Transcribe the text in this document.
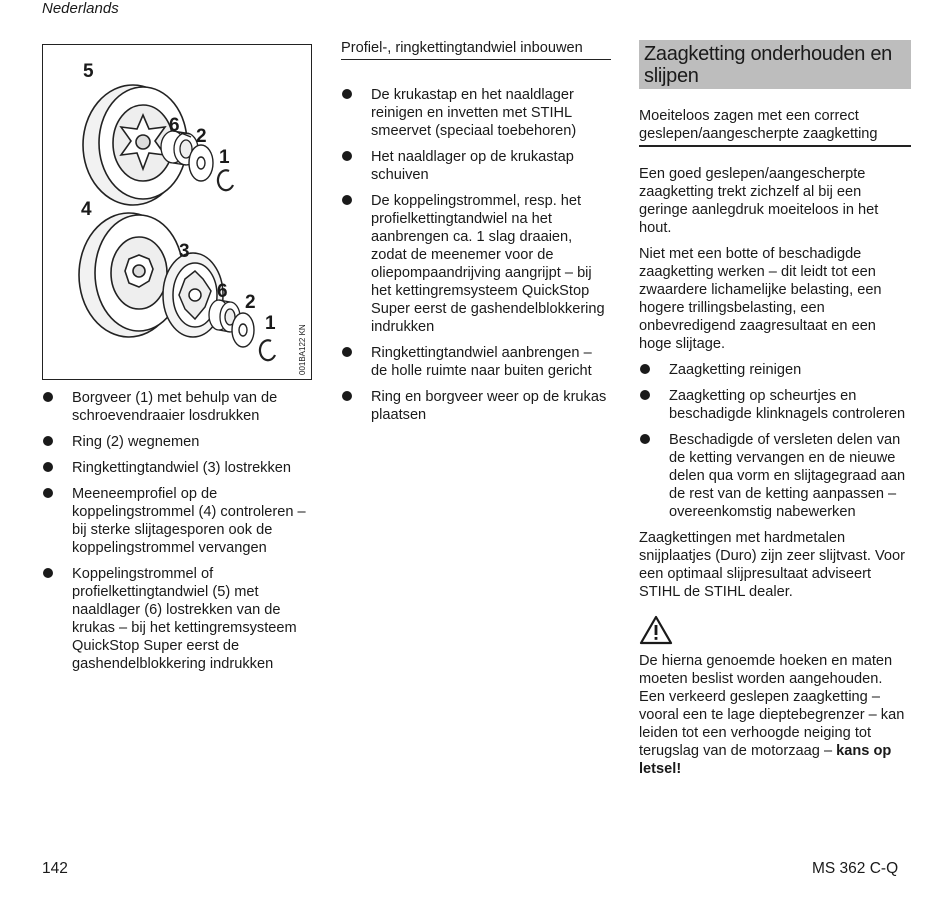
Nederlands
5
6
2
1
4
3
6
2
1
001BA122 KN
Borgveer (1) met behulp van de schroevendraaier losdrukken
Ring (2) wegnemen
Ringkettingtandwiel (3) lostrekken
Meeneemprofiel op de koppelingstrommel (4) controleren – bij sterke slijtagesporen ook de koppelingstrommel vervangen
Koppelingstrommel of profielkettingtandwiel (5) met naaldlager (6) lostrekken van de krukas – bij het kettingremsysteem QuickStop Super eerst de gashendelblokkering indrukken
Profiel-, ringkettingtandwiel inbouwen
De krukastap en het naaldlager reinigen en invetten met STIHL smeervet (speciaal toebehoren)
Het naaldlager op de krukastap schuiven
De koppelingstrommel, resp. het profielkettingtandwiel na het aanbrengen ca. 1 slag draaien, zodat de meenemer voor de oliepompaandrijving aangrijpt – bij het kettingremsysteem QuickStop Super eerst de gashendelblokkering indrukken
Ringkettingtandwiel aanbrengen – de holle ruimte naar buiten gericht
Ring en borgveer weer op de krukas plaatsen
Zaagketting onderhouden en slijpen
Moeiteloos zagen met een correct geslepen/aangescherpte zaagketting

Een goed geslepen/aangescherpte zaagketting trekt zichzelf al bij een geringe aanlegdruk moeiteloos in het hout.

Niet met een botte of beschadigde zaagketting werken – dit leidt tot een zwaardere lichamelijke belasting, een hogere trillingsbelasting, een onbevredigend zaagresultaat en een hoge slijtage.

Zaagketting reinigen
Zaagketting op scheurtjes en beschadigde klinknagels controleren
Beschadigde of versleten delen van de ketting vervangen en de nieuwe delen qua vorm en slijtagegraad aan de rest van de ketting aanpassen – overeenkomstig nabewerken

Zaagkettingen met hardmetalen snijplaatjes (Duro) zijn zeer slijtvast. Voor een optimaal slijpresultaat adviseert STIHL de STIHL dealer.

De hierna genoemde hoeken en maten moeten beslist worden aangehouden. Een verkeerd geslepen zaagketting – vooral een te lage dieptebegrenzer – kan leiden tot een verhoogde neiging tot terugslag van de motorzaag – kans op letsel!

142	MS 362 C-Q
